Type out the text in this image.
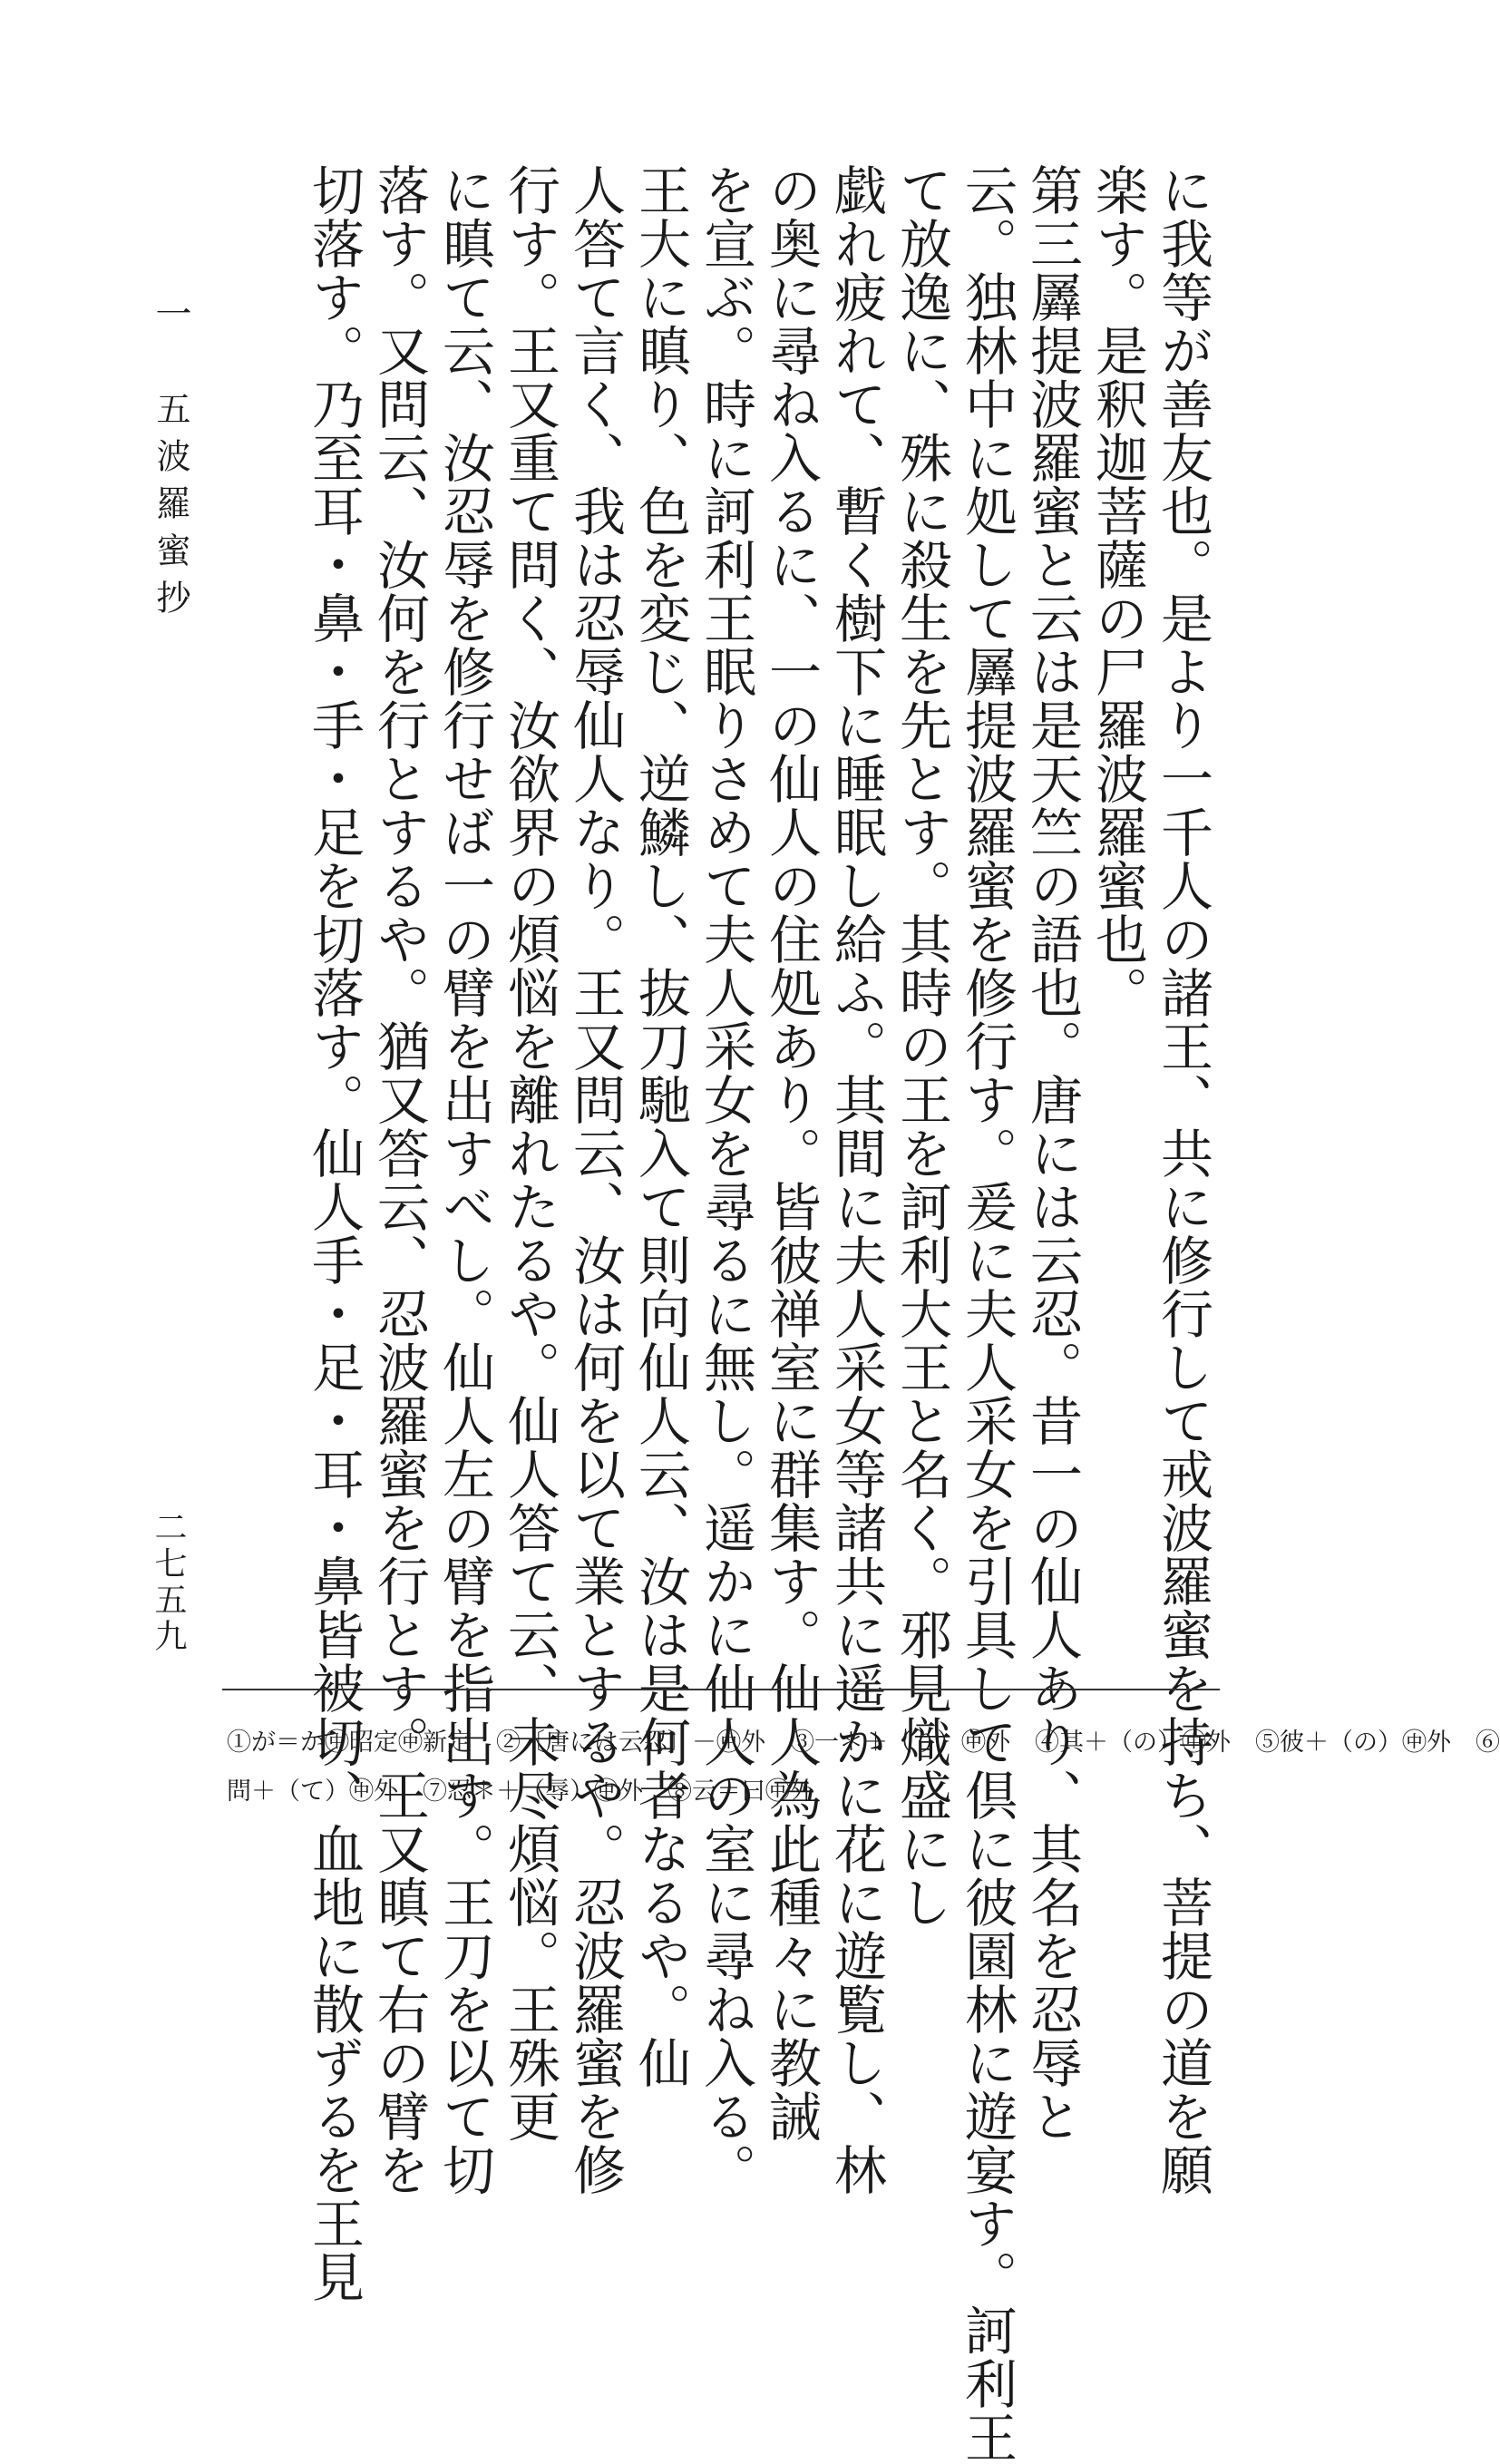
に我等が善友也。是より一千人の諸王、共に修行して戒波羅蜜を持ち、菩提の道を願
楽す。是釈迦菩薩の尸羅波羅蜜也。
第三羼提波羅蜜と云は是天竺の語也。唐には云忍。昔一の仙人あり、其名を忍辱と
云。独林中に処して羼提波羅蜜を修行す。爰に夫人采女を引具して倶に彼園林に遊宴す。訶利王
て放逸に、殊に殺生を先とす。其時の王を訶利大王と名く。邪見熾盛にし
戯れ疲れて、暫く樹下に睡眠し給ふ。其間に夫人采女等諸共に遥かに花に遊覧し、林
の奥に尋ね入るに、一の仙人の住処あり。皆彼禅室に群集す。仙人為此種々に教誡
を宣ぶ。時に訶利王眠りさめて夫人采女を尋るに無し。遥かに仙人の室に尋ね入る。
王大に瞋り、色を変じ、逆鱗し、抜刀馳入て則向仙人云、汝は是何者なるや。仙
人答て言く、我は忍辱仙人なり。王又問云、汝は何を以て業とするや。忍波羅蜜を修
行す。王又重て問く、汝欲界の煩悩を離れたるや。仙人答て云、未尽煩悩。王殊更
に瞋て云、汝忍辱を修行せば一の臂を出すべし。仙人左の臂を指出す。王刀を以て切
落す。又問云、汝何を行とするや。猶又答云、忍波羅蜜を行とす。王又瞋て右の臂を
切落す。乃至耳・鼻・手・足を切落す。仙人手・足・耳・鼻皆被切、血地に散ずるを王見
一　五波羅蜜抄
二七五九
①が＝か㊥昭定㊥新定　②〔唐には云忍〕－㊥外　③一＊＋（り）㊥外　④其＋（の）㊥外　⑤彼＋（の）㊥外　⑥
問＋（て）㊥外　⑦忍＊＋（辱）㊥外　⑧云＝曰㊥外
